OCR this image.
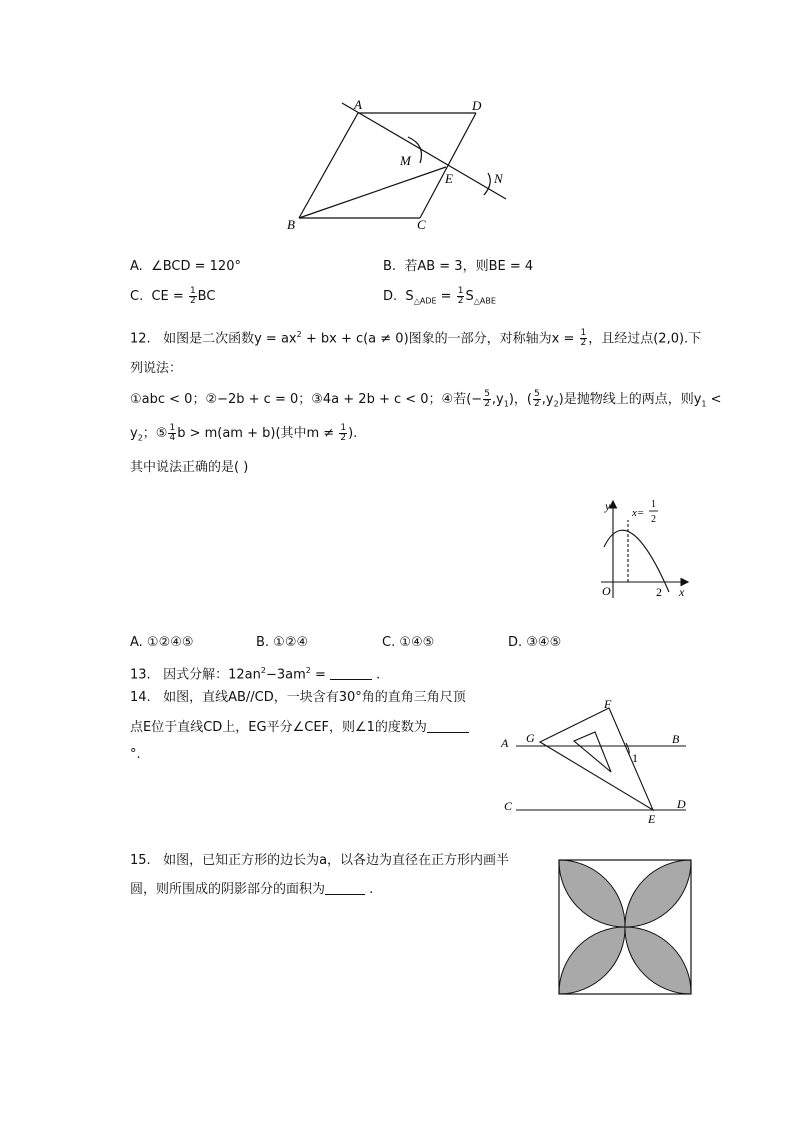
A	D
M
E	N
B	C
A. ∠BCD = 120°	B. 若AB = 3，则BE = 4
C. CE = $\frac{1}{2}$ BC	D. $S_{\triangle ADE} = \frac{1}{2} S_{\triangle ABE}$
12. 如图是二次函数$y = ax^2$ + bx + c(a ≠ 0)图象的一部分，对称轴为$x = \frac{1}{2}$ ，且经过点(2,0).下
列说法：
①abc < 0；②−2b + c = 0；③4a + 2b + c < 0；④若(− $\frac{5}{2} ,y_1$)，( $\frac{5}{2} ,y_2$)是抛物线上的两点，则$y_1$ <
$y_2$；⑤ $\frac{1}{4}$ b > m(am + b)(其中$m \ne \frac{1}{2}$ ).
其中说法正确的是( )
y x=
1
2
O	2 x
A. ①②④⑤	B. ①②④	C. ①④⑤	D. ③④⑤
13. 因式分解：$12an^2-3am^2$ =	.
14. 如图，直线AB//CD，一块含有30°角的直角三角尺顶
点E位于直线CD上，EG平分∠CEF，则∠1的度数为
°.
F
G
A	B
1
C	D
E
15. 如图，已知正方形的边长为a，以各边为直径在正方形内画半
圆，则所围成的阴影部分的面积为	.
